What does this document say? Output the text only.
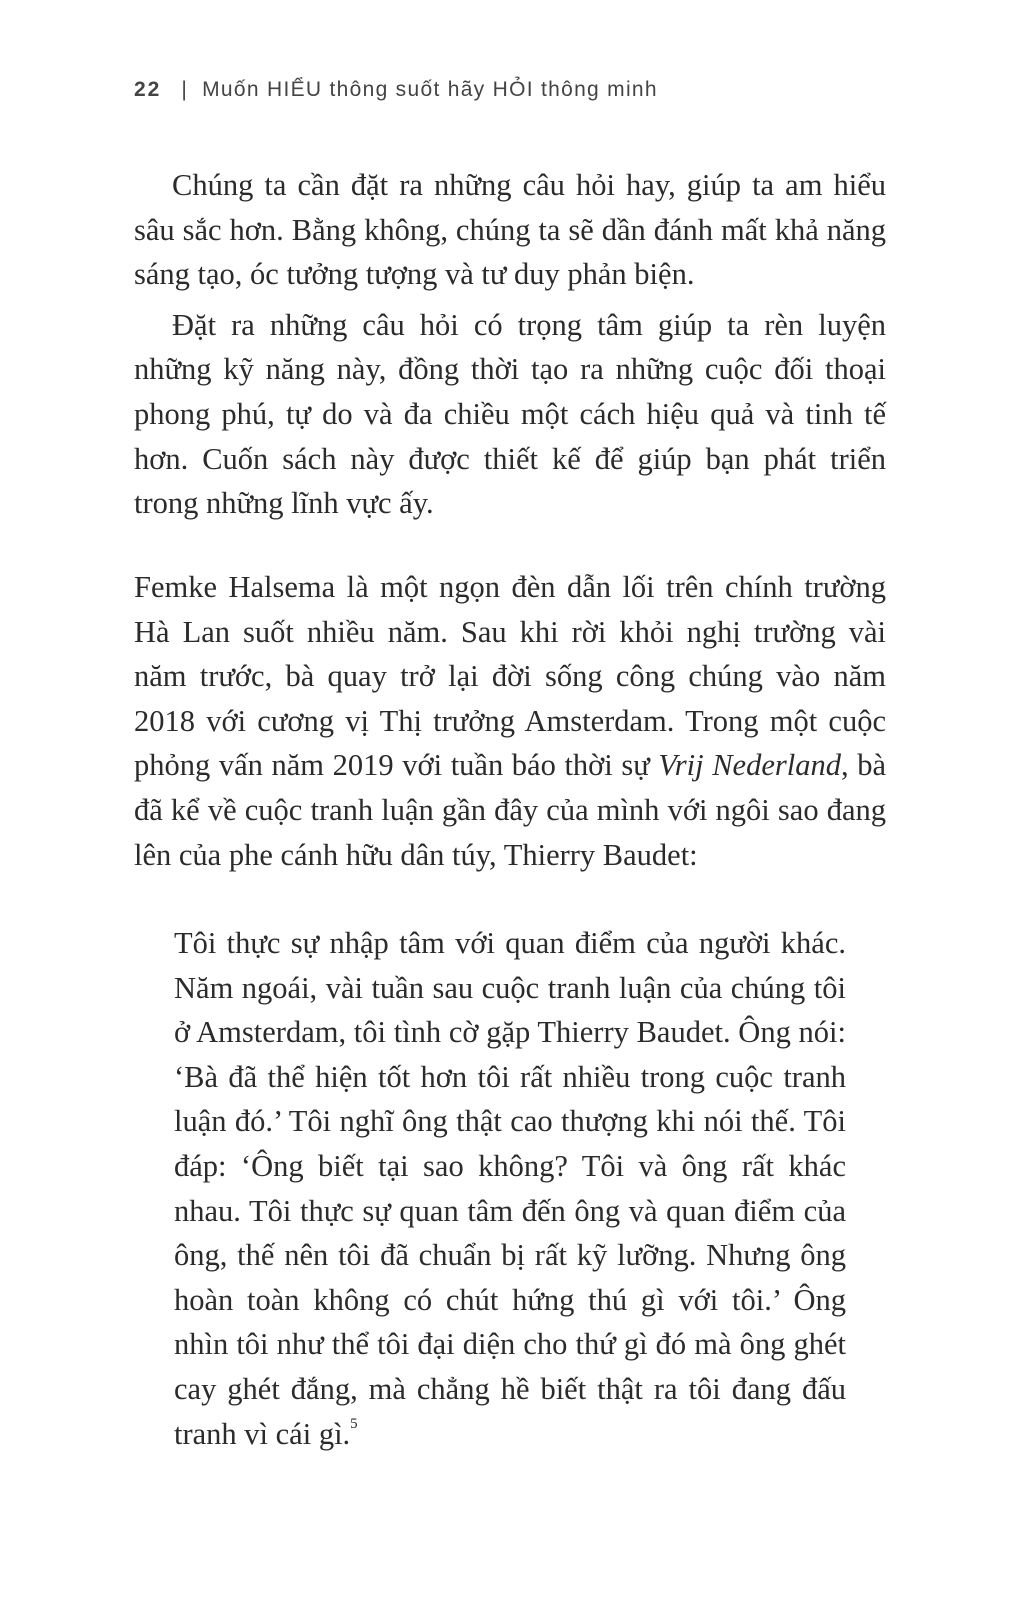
22 | Muốn HIỂU thông suốt hãy HỎI thông minh

Chúng ta cần đặt ra những câu hỏi hay, giúp ta am hiểu sâu sắc hơn. Bằng không, chúng ta sẽ dần đánh mất khả năng sáng tạo, óc tưởng tượng và tư duy phản biện.

Đặt ra những câu hỏi có trọng tâm giúp ta rèn luyện những kỹ năng này, đồng thời tạo ra những cuộc đối thoại phong phú, tự do và đa chiều một cách hiệu quả và tinh tế hơn. Cuốn sách này được thiết kế để giúp bạn phát triển trong những lĩnh vực ấy.

Femke Halsema là một ngọn đèn dẫn lối trên chính trường Hà Lan suốt nhiều năm. Sau khi rời khỏi nghị trường vài năm trước, bà quay trở lại đời sống công chúng vào năm 2018 với cương vị Thị trưởng Amsterdam. Trong một cuộc phỏng vấn năm 2019 với tuần báo thời sự Vrij Nederland, bà đã kể về cuộc tranh luận gần đây của mình với ngôi sao đang lên của phe cánh hữu dân túy, Thierry Baudet:

Tôi thực sự nhập tâm với quan điểm của người khác. Năm ngoái, vài tuần sau cuộc tranh luận của chúng tôi ở Amsterdam, tôi tình cờ gặp Thierry Baudet. Ông nói: ‘Bà đã thể hiện tốt hơn tôi rất nhiều trong cuộc tranh luận đó.’ Tôi nghĩ ông thật cao thượng khi nói thế. Tôi đáp: ‘Ông biết tại sao không? Tôi và ông rất khác nhau. Tôi thực sự quan tâm đến ông và quan điểm của ông, thế nên tôi đã chuẩn bị rất kỹ lưỡng. Nhưng ông hoàn toàn không có chút hứng thú gì với tôi.’ Ông nhìn tôi như thể tôi đại diện cho thứ gì đó mà ông ghét cay ghét đắng, mà chẳng hề biết thật ra tôi đang đấu tranh vì cái gì.$^5$
